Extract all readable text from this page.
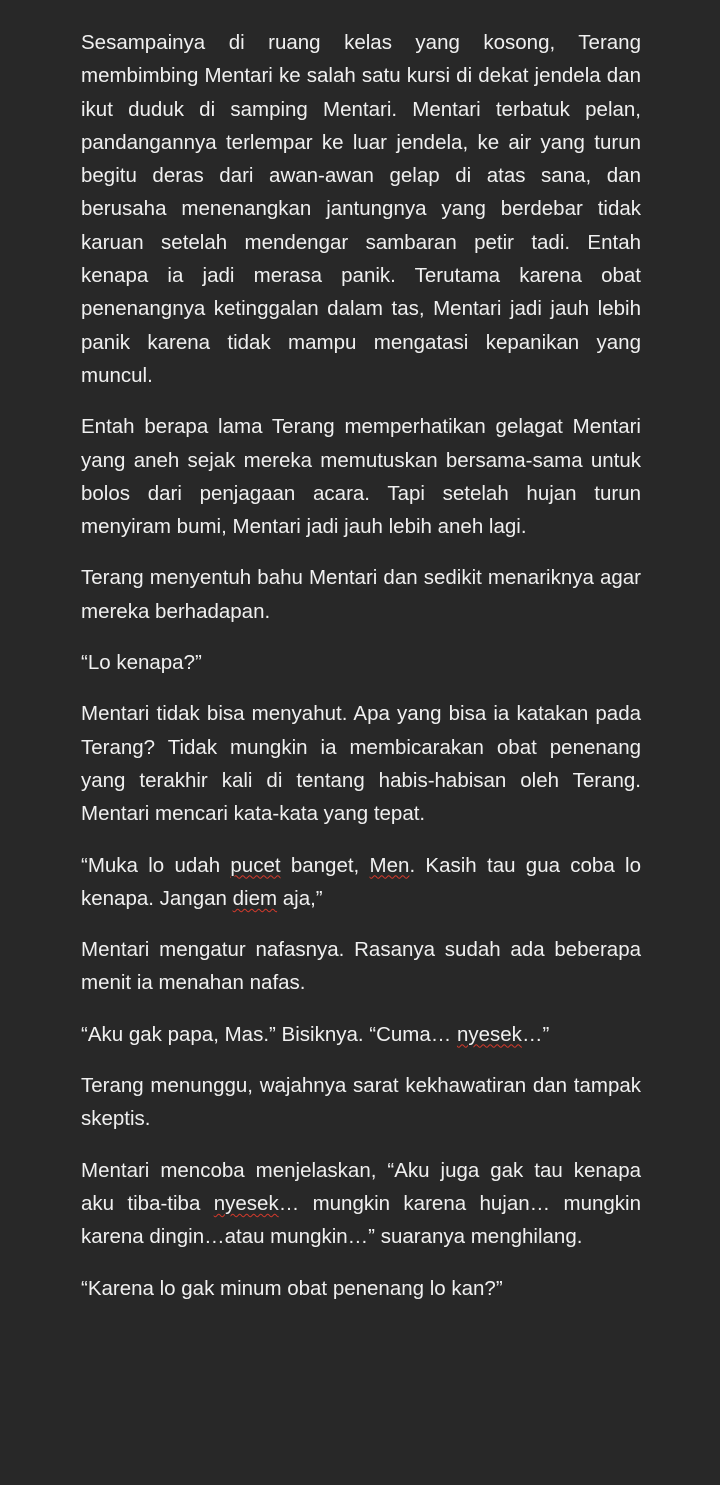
Sesampainya di ruang kelas yang kosong, Terang membimbing Mentari ke salah satu kursi di dekat jendela dan ikut duduk di samping Mentari. Mentari terbatuk pelan, pandangannya terlempar ke luar jendela, ke air yang turun begitu deras dari awan-awan gelap di atas sana, dan berusaha menenangkan jantungnya yang berdebar tidak karuan setelah mendengar sambaran petir tadi. Entah kenapa ia jadi merasa panik. Terutama karena obat penenangnya ketinggalan dalam tas, Mentari jadi jauh lebih panik karena tidak mampu mengatasi kepanikan yang muncul.

Entah berapa lama Terang memperhatikan gelagat Mentari yang aneh sejak mereka memutuskan bersama-sama untuk bolos dari penjagaan acara. Tapi setelah hujan turun menyiram bumi, Mentari jadi jauh lebih aneh lagi.

Terang menyentuh bahu Mentari dan sedikit menariknya agar mereka berhadapan.

“Lo kenapa?”

Mentari tidak bisa menyahut. Apa yang bisa ia katakan pada Terang? Tidak mungkin ia membicarakan obat penenang yang terakhir kali di tentang habis-habisan oleh Terang. Mentari mencari kata-kata yang tepat.

“Muka lo udah pucet banget, Men. Kasih tau gua coba lo kenapa. Jangan diem aja,”

Mentari mengatur nafasnya. Rasanya sudah ada beberapa menit ia menahan nafas.

“Aku gak papa, Mas.” Bisiknya. “Cuma… nyesek…”

Terang menunggu, wajahnya sarat kekhawatiran dan tampak skeptis.

Mentari mencoba menjelaskan, “Aku juga gak tau kenapa aku tiba-tiba nyesek… mungkin karena hujan… mungkin karena dingin…atau mungkin…” suaranya menghilang.

“Karena lo gak minum obat penenang lo kan?”
